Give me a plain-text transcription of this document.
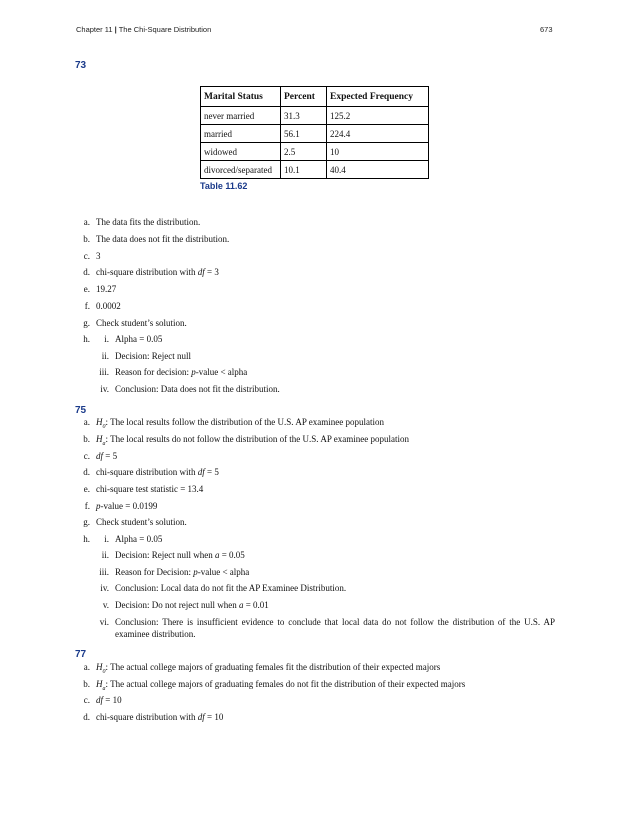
Chapter 11 | The Chi-Square Distribution	673
73
Marital Status	Percent	Expected Frequency
never married	31.3	125.2
married	56.1	224.4
widowed	2.5	10
divorced/separated	10.1	40.4
Table 11.62
a. The data fits the distribution.
b. The data does not fit the distribution.
c. 3
d. chi-square distribution with df = 3
e. 19.27
f. 0.0002
g. Check student’s solution.
h.	i. Alpha = 0.05
ii. Decision: Reject null
iii. Reason for decision: p-value < alpha
iv. Conclusion: Data does not fit the distribution.
75
a. $H_0$: The local results follow the distribution of the U.S. AP examinee population
b. $H_a$: The local results do not follow the distribution of the U.S. AP examinee population
c. df = 5
d. chi-square distribution with df = 5
e. chi-square test statistic = 13.4
f. p-value = 0.0199
g. Check student’s solution.
h.	i. Alpha = 0.05
ii. Decision: Reject null when a = 0.05
iii. Reason for Decision: p-value < alpha
iv. Conclusion: Local data do not fit the AP Examinee Distribution.
v. Decision: Do not reject null when a = 0.01
vi. Conclusion: There is insufficient evidence to conclude that local data do not follow the distribution of the U.S. AP examinee distribution.
77
a. $H_0$: The actual college majors of graduating females fit the distribution of their expected majors
b. $H_a$: The actual college majors of graduating females do not fit the distribution of their expected majors
c. df = 10
d. chi-square distribution with df = 10
